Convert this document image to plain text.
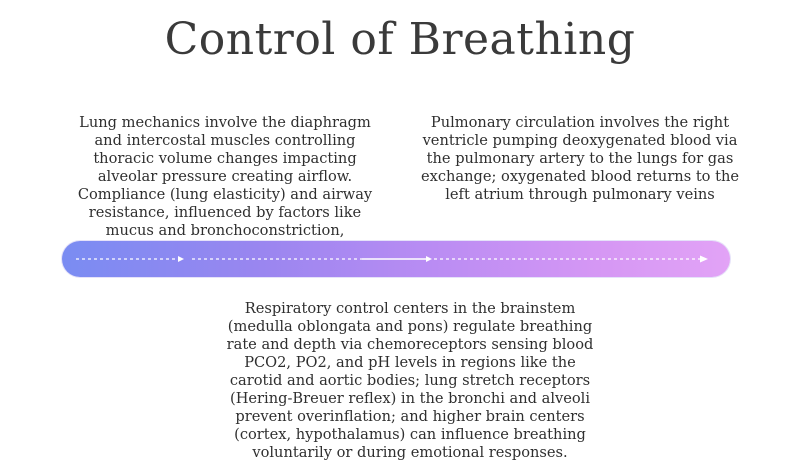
Control of Breathing
Lung mechanics involve the diaphragm and intercostal muscles controlling thoracic volume changes impacting alveolar pressure creating airflow. Compliance (lung elasticity) and airway resistance, influenced by factors like mucus and bronchoconstriction,
Pulmonary circulation involves the right ventricle pumping deoxygenated blood via the pulmonary artery to the lungs for gas exchange; oxygenated blood returns to the left atrium through pulmonary veins
Respiratory control centers in the brainstem (medulla oblongata and pons) regulate breathing rate and depth via chemoreceptors sensing blood PCO2, PO2, and pH levels in regions like the carotid and aortic bodies; lung stretch receptors (Hering-Breuer reflex) in the bronchi and alveoli prevent overinflation; and higher brain centers (cortex, hypothalamus) can influence breathing voluntarily or during emotional responses.
